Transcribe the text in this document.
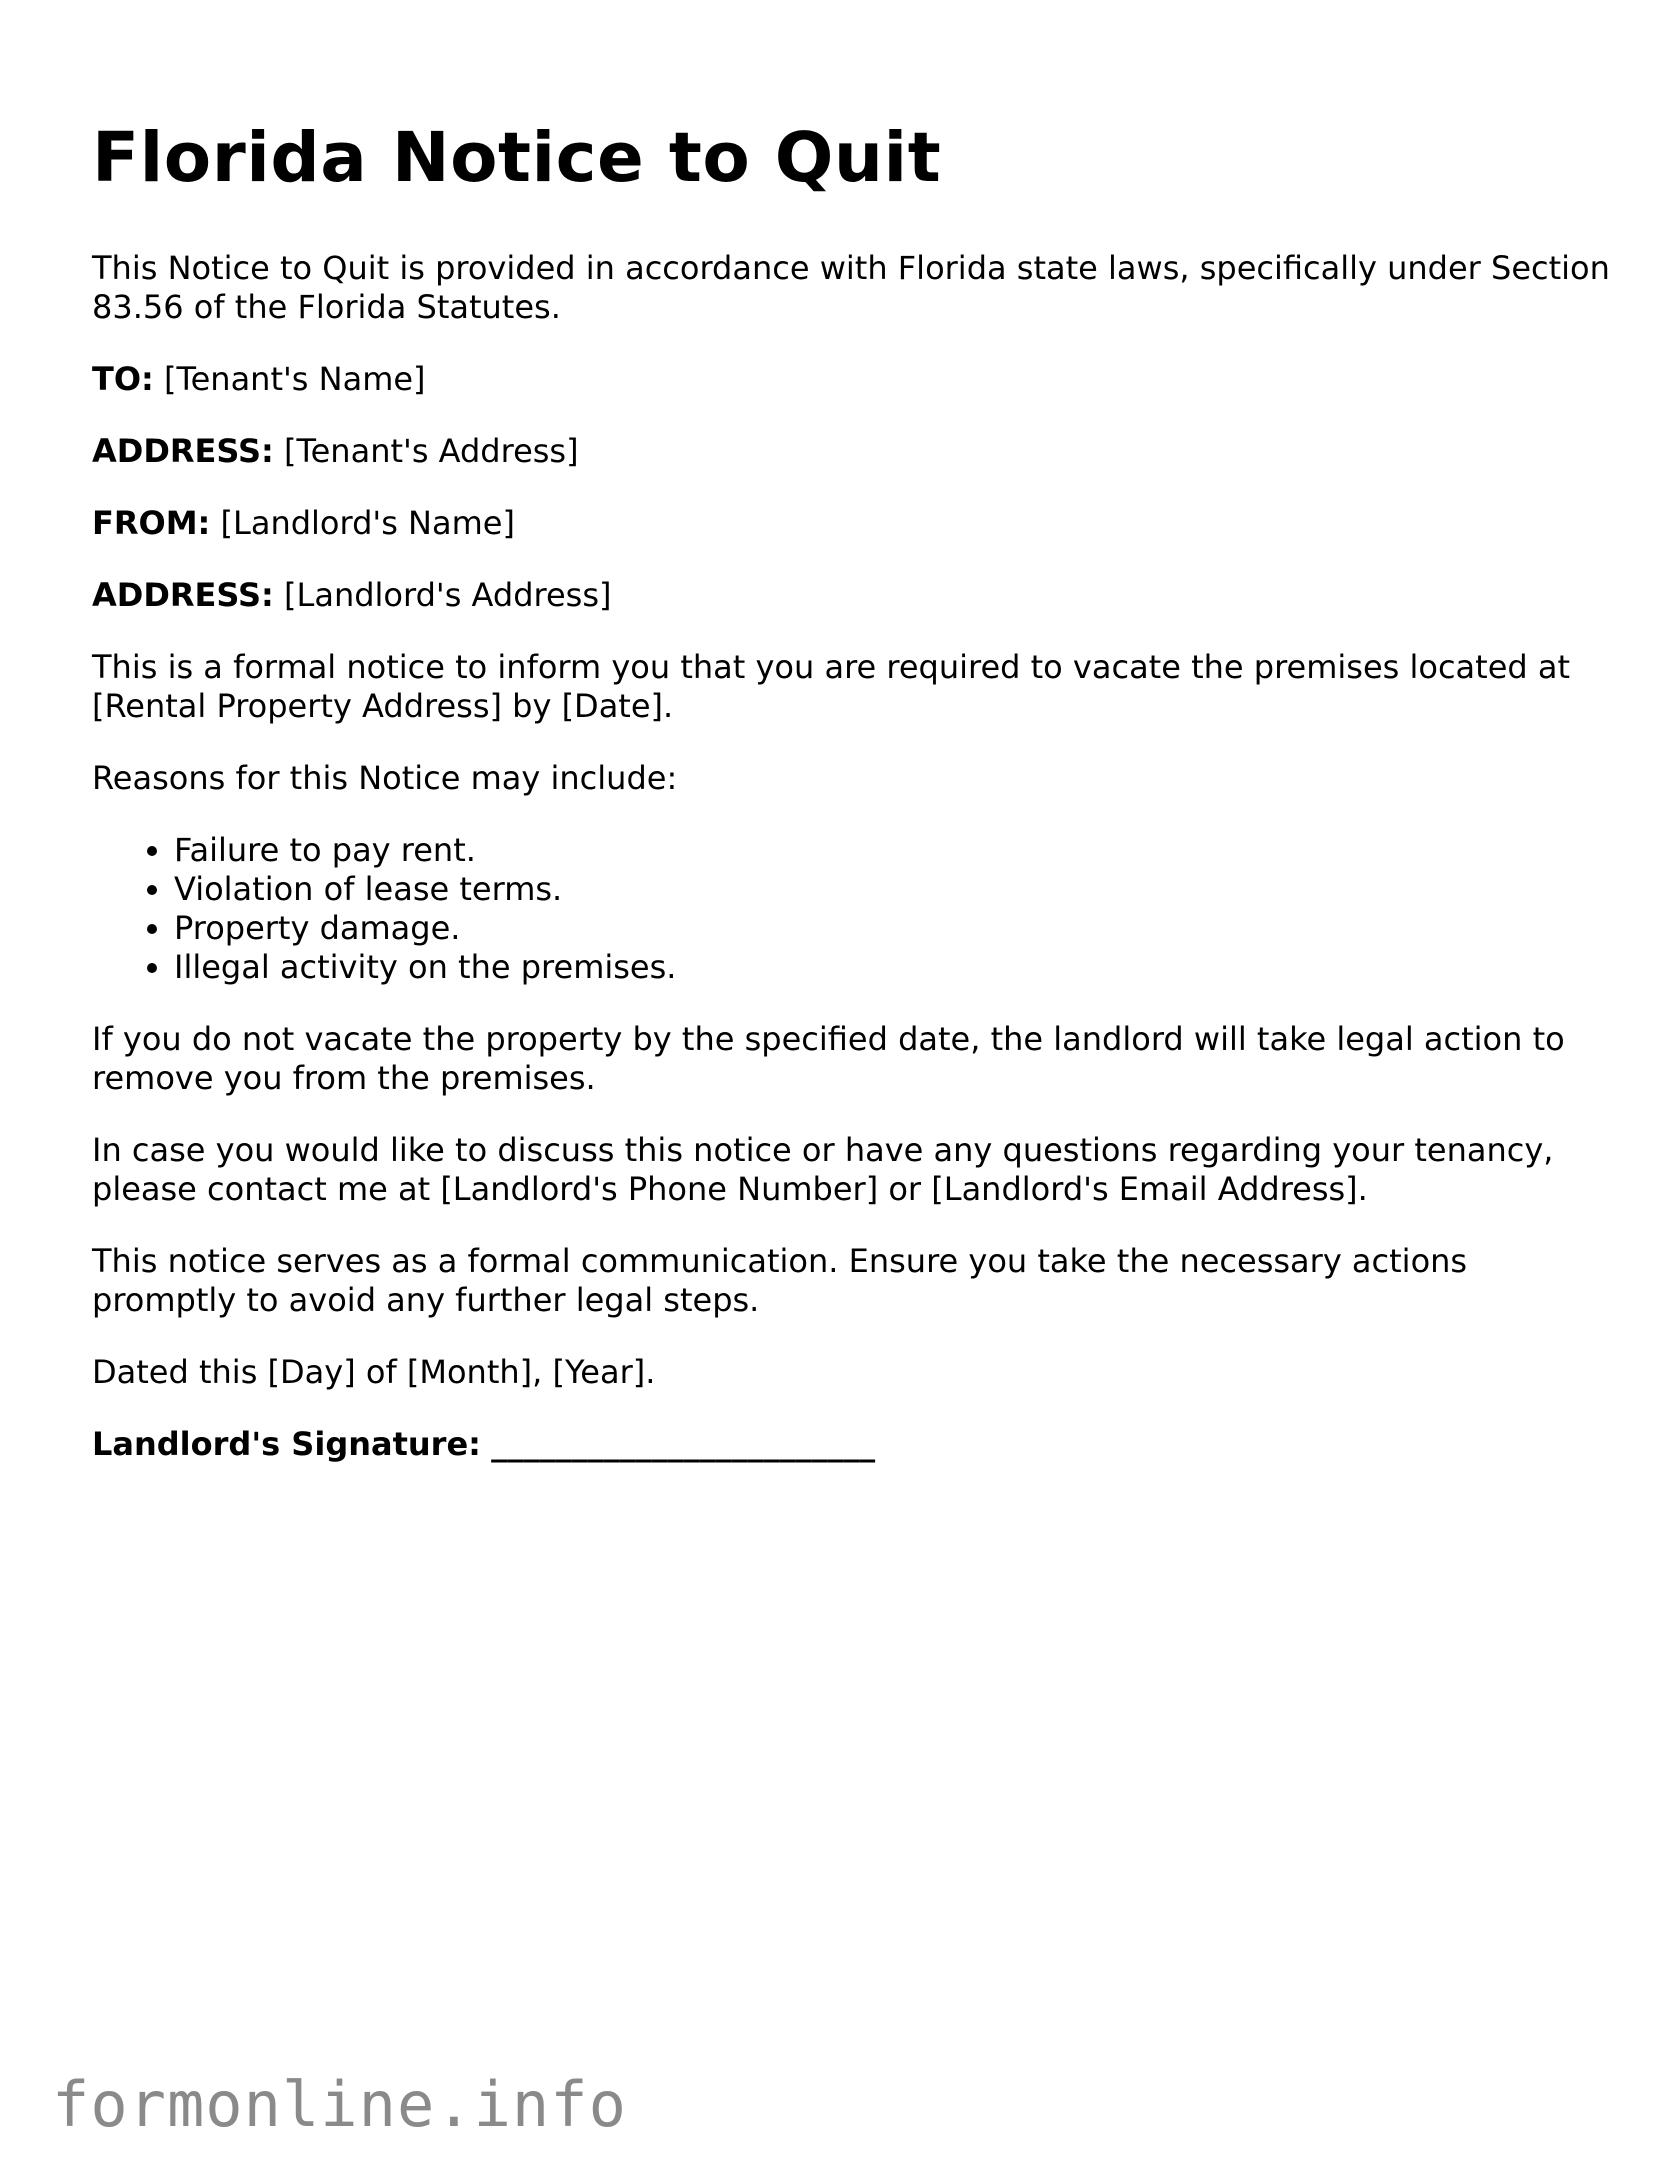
Florida Notice to Quit

This Notice to Quit is provided in accordance with Florida state laws, specifically under Section 83.56 of the Florida Statutes.

TO: [Tenant's Name]

ADDRESS: [Tenant's Address]

FROM: [Landlord's Name]

ADDRESS: [Landlord's Address]

This is a formal notice to inform you that you are required to vacate the premises located at [Rental Property Address] by [Date].

Reasons for this Notice may include:

• Failure to pay rent.
• Violation of lease terms.
• Property damage.
• Illegal activity on the premises.

If you do not vacate the property by the specified date, the landlord will take legal action to remove you from the premises.

In case you would like to discuss this notice or have any questions regarding your tenancy, please contact me at [Landlord's Phone Number] or [Landlord's Email Address].

This notice serves as a formal communication. Ensure you take the necessary actions promptly to avoid any further legal steps.

Dated this [Day] of [Month], [Year].

Landlord's Signature: ________________________

formonline.info
